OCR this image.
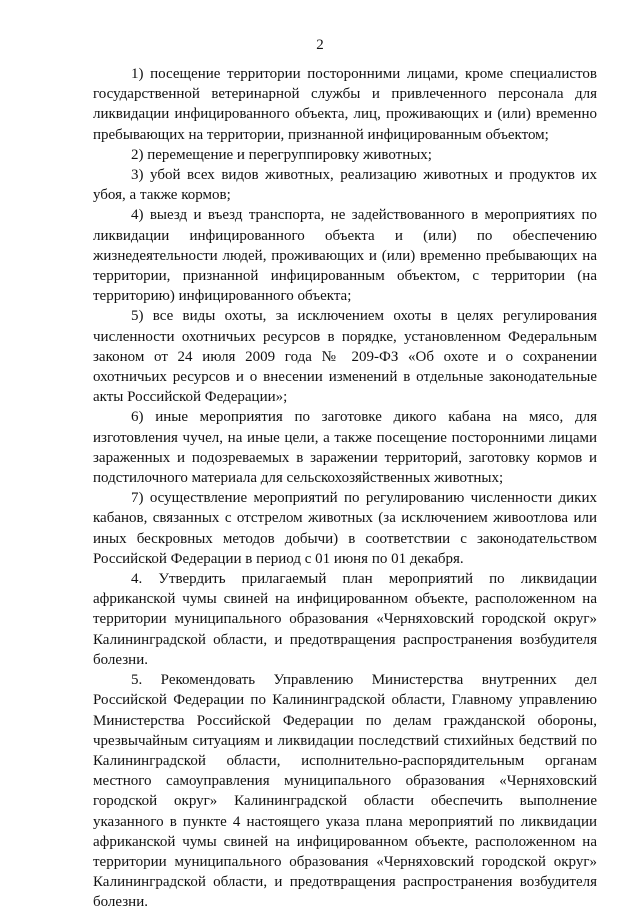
2

1) посещение территории посторонними лицами, кроме специалистов государственной ветеринарной службы и привлеченного персонала для ликвидации инфицированного объекта, лиц, проживающих и (или) временно пребывающих на территории, признанной инфицированным объектом;

2) перемещение и перегруппировку животных;

3) убой всех видов животных, реализацию животных и продуктов их убоя, а также кормов;

4) выезд и въезд транспорта, не задействованного в мероприятиях по ликвидации инфицированного объекта и (или) по обеспечению жизнедеятельности людей, проживающих и (или) временно пребывающих на территории, признанной инфицированным объектом, с территории (на территорию) инфицированного объекта;

5) все виды охоты, за исключением охоты в целях регулирования численности охотничьих ресурсов в порядке, установленном Федеральным законом от 24 июля 2009 года № 209-ФЗ «Об охоте и о сохранении охотничьих ресурсов и о внесении изменений в отдельные законодательные акты Российской Федерации»;

6) иные мероприятия по заготовке дикого кабана на мясо, для изготовления чучел, на иные цели, а также посещение посторонними лицами зараженных и подозреваемых в заражении территорий, заготовку кормов и подстилочного материала для сельскохозяйственных животных;

7) осуществление мероприятий по регулированию численности диких кабанов, связанных с отстрелом животных (за исключением живоотлова или иных бескровных методов добычи) в соответствии с законодательством Российской Федерации в период с 01 июня по 01 декабря.

4. Утвердить прилагаемый план мероприятий по ликвидации африканской чумы свиней на инфицированном объекте, расположенном на территории муниципального образования «Черняховский городской округ» Калининградской области, и предотвращения распространения возбудителя болезни.

5. Рекомендовать Управлению Министерства внутренних дел Российской Федерации по Калининградской области, Главному управлению Министерства Российской Федерации по делам гражданской обороны, чрезвычайным ситуациям и ликвидации последствий стихийных бедствий по Калининградской области, исполнительно-распорядительным органам местного самоуправления муниципального образования «Черняховский городской округ» Калининградской области обеспечить выполнение указанного в пункте 4 настоящего указа плана мероприятий по ликвидации африканской чумы свиней на инфицированном объекте, расположенном на территории муниципального образования «Черняховский городской округ» Калининградской области, и предотвращения распространения возбудителя болезни.
